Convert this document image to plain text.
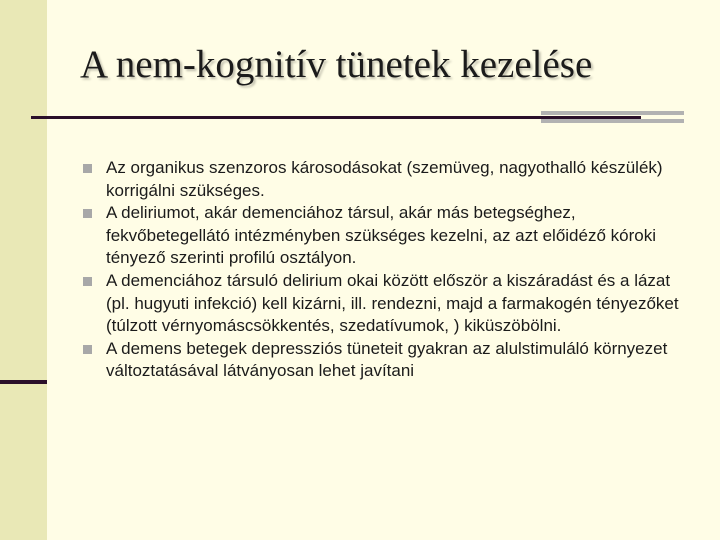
A nem-kognitív tünetek kezelése
Az organikus szenzoros károsodásokat (szemüveg, nagyothalló készülék) korrigálni szükséges.
A deliriumot, akár demenciához társul, akár más betegséghez, fekvőbetegellátó intézményben szükséges kezelni, az azt előidéző kóroki tényező szerinti profilú osztályon.
A demenciához társuló delirium okai között először a kiszáradást és a lázat (pl. hugyuti infekció) kell kizárni, ill. rendezni, majd a farmakogén tényezőket (túlzott vérnyomáscsökkentés, szedatívumok, ) kiküszöbölni.
A demens betegek depressziós tüneteit gyakran az alulstimuláló környezet változtatásával látványosan lehet javítani
